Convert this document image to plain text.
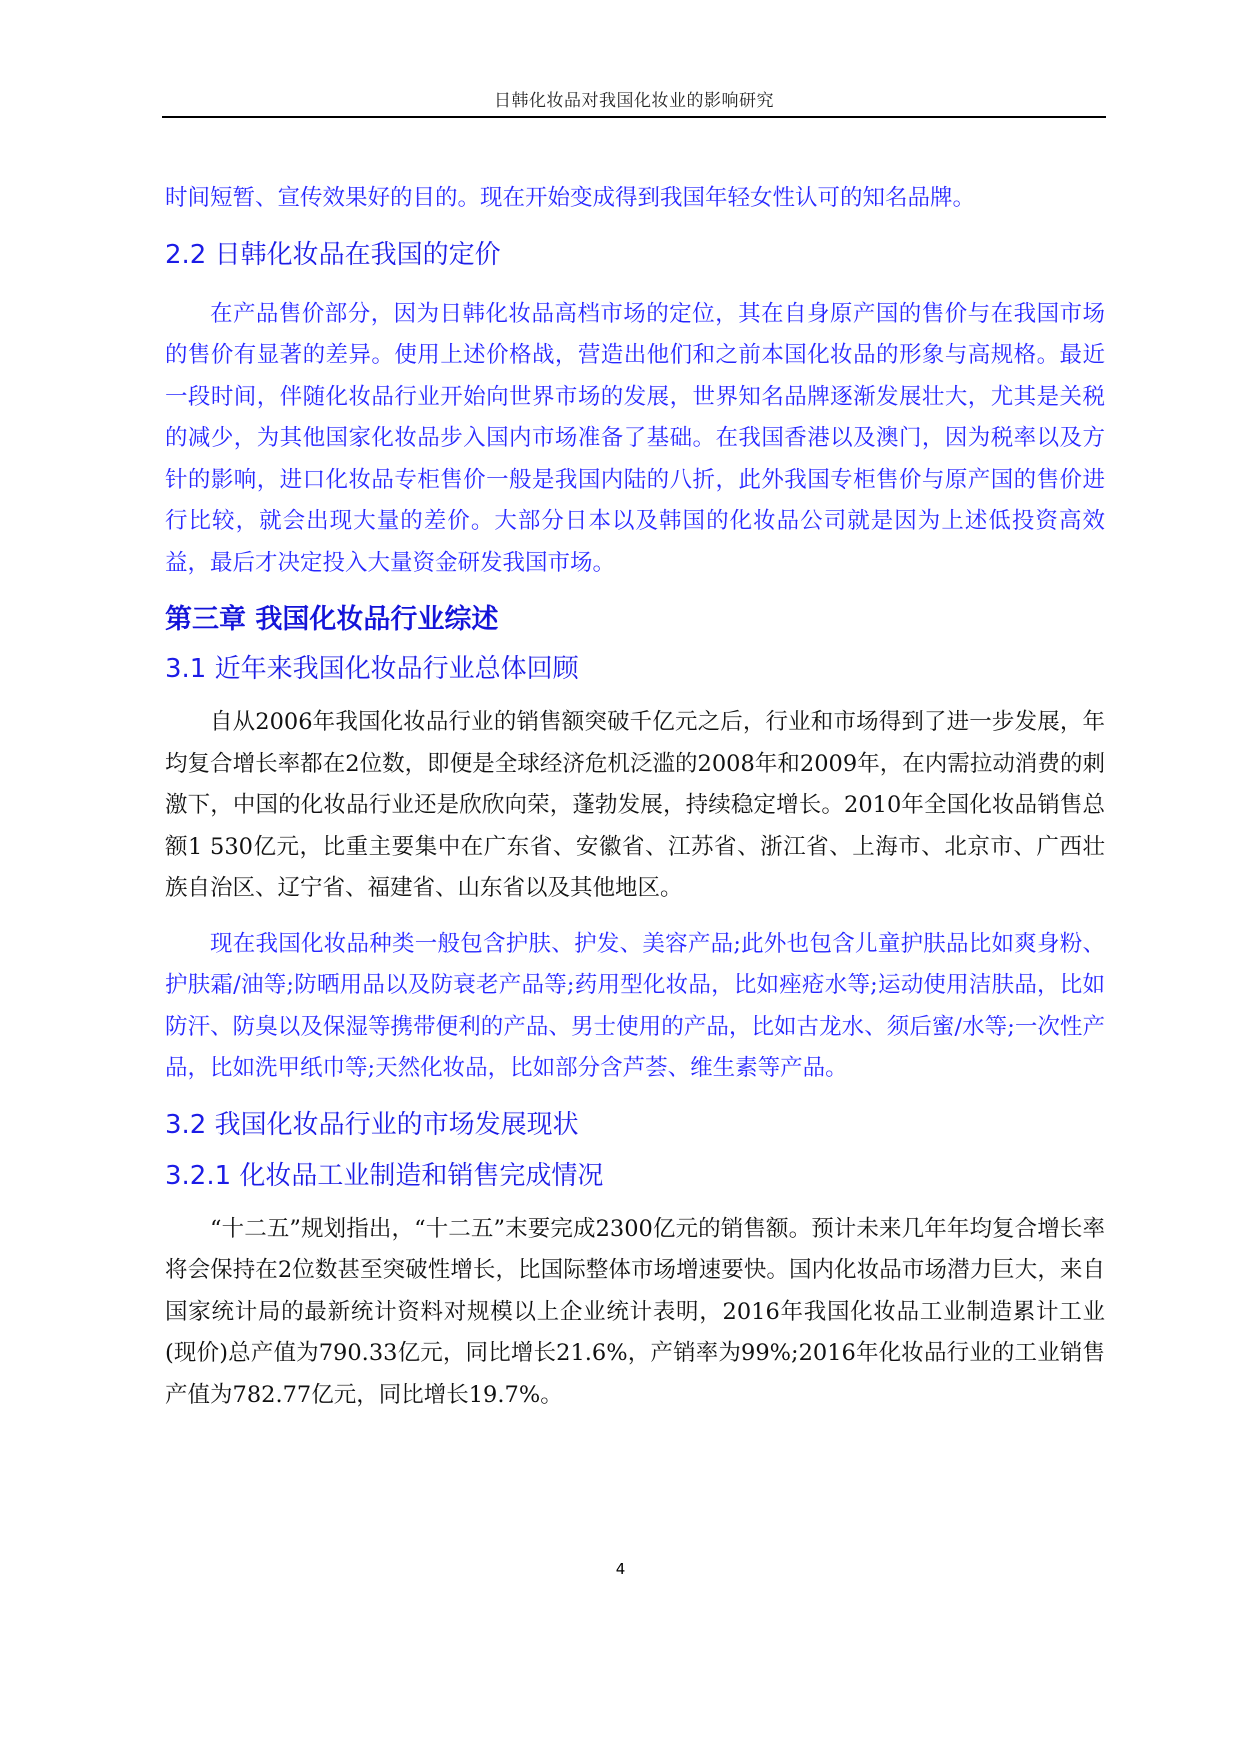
日韩化妆品对我国化妆业的影响研究

时间短暂、宣传效果好的目的。现在开始变成得到我国年轻女性认可的知名品牌。

2.2 日韩化妆品在我国的定价

在产品售价部分，因为日韩化妆品高档市场的定位，其在自身原产国的售价与在我国市场的售价有显著的差异。使用上述价格战，营造出他们和之前本国化妆品的形象与高规格。最近一段时间，伴随化妆品行业开始向世界市场的发展，世界知名品牌逐渐发展壮大，尤其是关税的减少，为其他国家化妆品步入国内市场准备了基础。在我国香港以及澳门，因为税率以及方针的影响，进口化妆品专柜售价一般是我国内陆的八折，此外我国专柜售价与原产国的售价进行比较，就会出现大量的差价。大部分日本以及韩国的化妆品公司就是因为上述低投资高效益，最后才决定投入大量资金研发我国市场。

第三章 我国化妆品行业综述
3.1 近年来我国化妆品行业总体回顾

自从2006年我国化妆品行业的销售额突破千亿元之后，行业和市场得到了进一步发展，年均复合增长率都在2位数，即便是全球经济危机泛滥的2008年和2009年，在内需拉动消费的刺激下，中国的化妆品行业还是欣欣向荣，蓬勃发展，持续稳定增长。2010年全国化妆品销售总额1 530亿元，比重主要集中在广东省、安徽省、江苏省、浙江省、上海市、北京市、广西壮族自治区、辽宁省、福建省、山东省以及其他地区。

现在我国化妆品种类一般包含护肤、护发、美容产品;此外也包含儿童护肤品比如爽身粉、护肤霜/油等;防晒用品以及防衰老产品等;药用型化妆品，比如痤疮水等;运动使用洁肤品，比如防汗、防臭以及保湿等携带便利的产品、男士使用的产品，比如古龙水、须后蜜/水等;一次性产品，比如洗甲纸巾等;天然化妆品，比如部分含芦荟、维生素等产品。

3.2 我国化妆品行业的市场发展现状
3.2.1 化妆品工业制造和销售完成情况

“十二五”规划指出，“十二五”末要完成2300亿元的销售额。预计未来几年年均复合增长率将会保持在2位数甚至突破性增长，比国际整体市场增速要快。国内化妆品市场潜力巨大，来自国家统计局的最新统计资料对规模以上企业统计表明，2016年我国化妆品工业制造累计工业(现价)总产值为790.33亿元，同比增长21.6%，产销率为99%;2016年化妆品行业的工业销售产值为782.77亿元，同比增长19.7%。

4
